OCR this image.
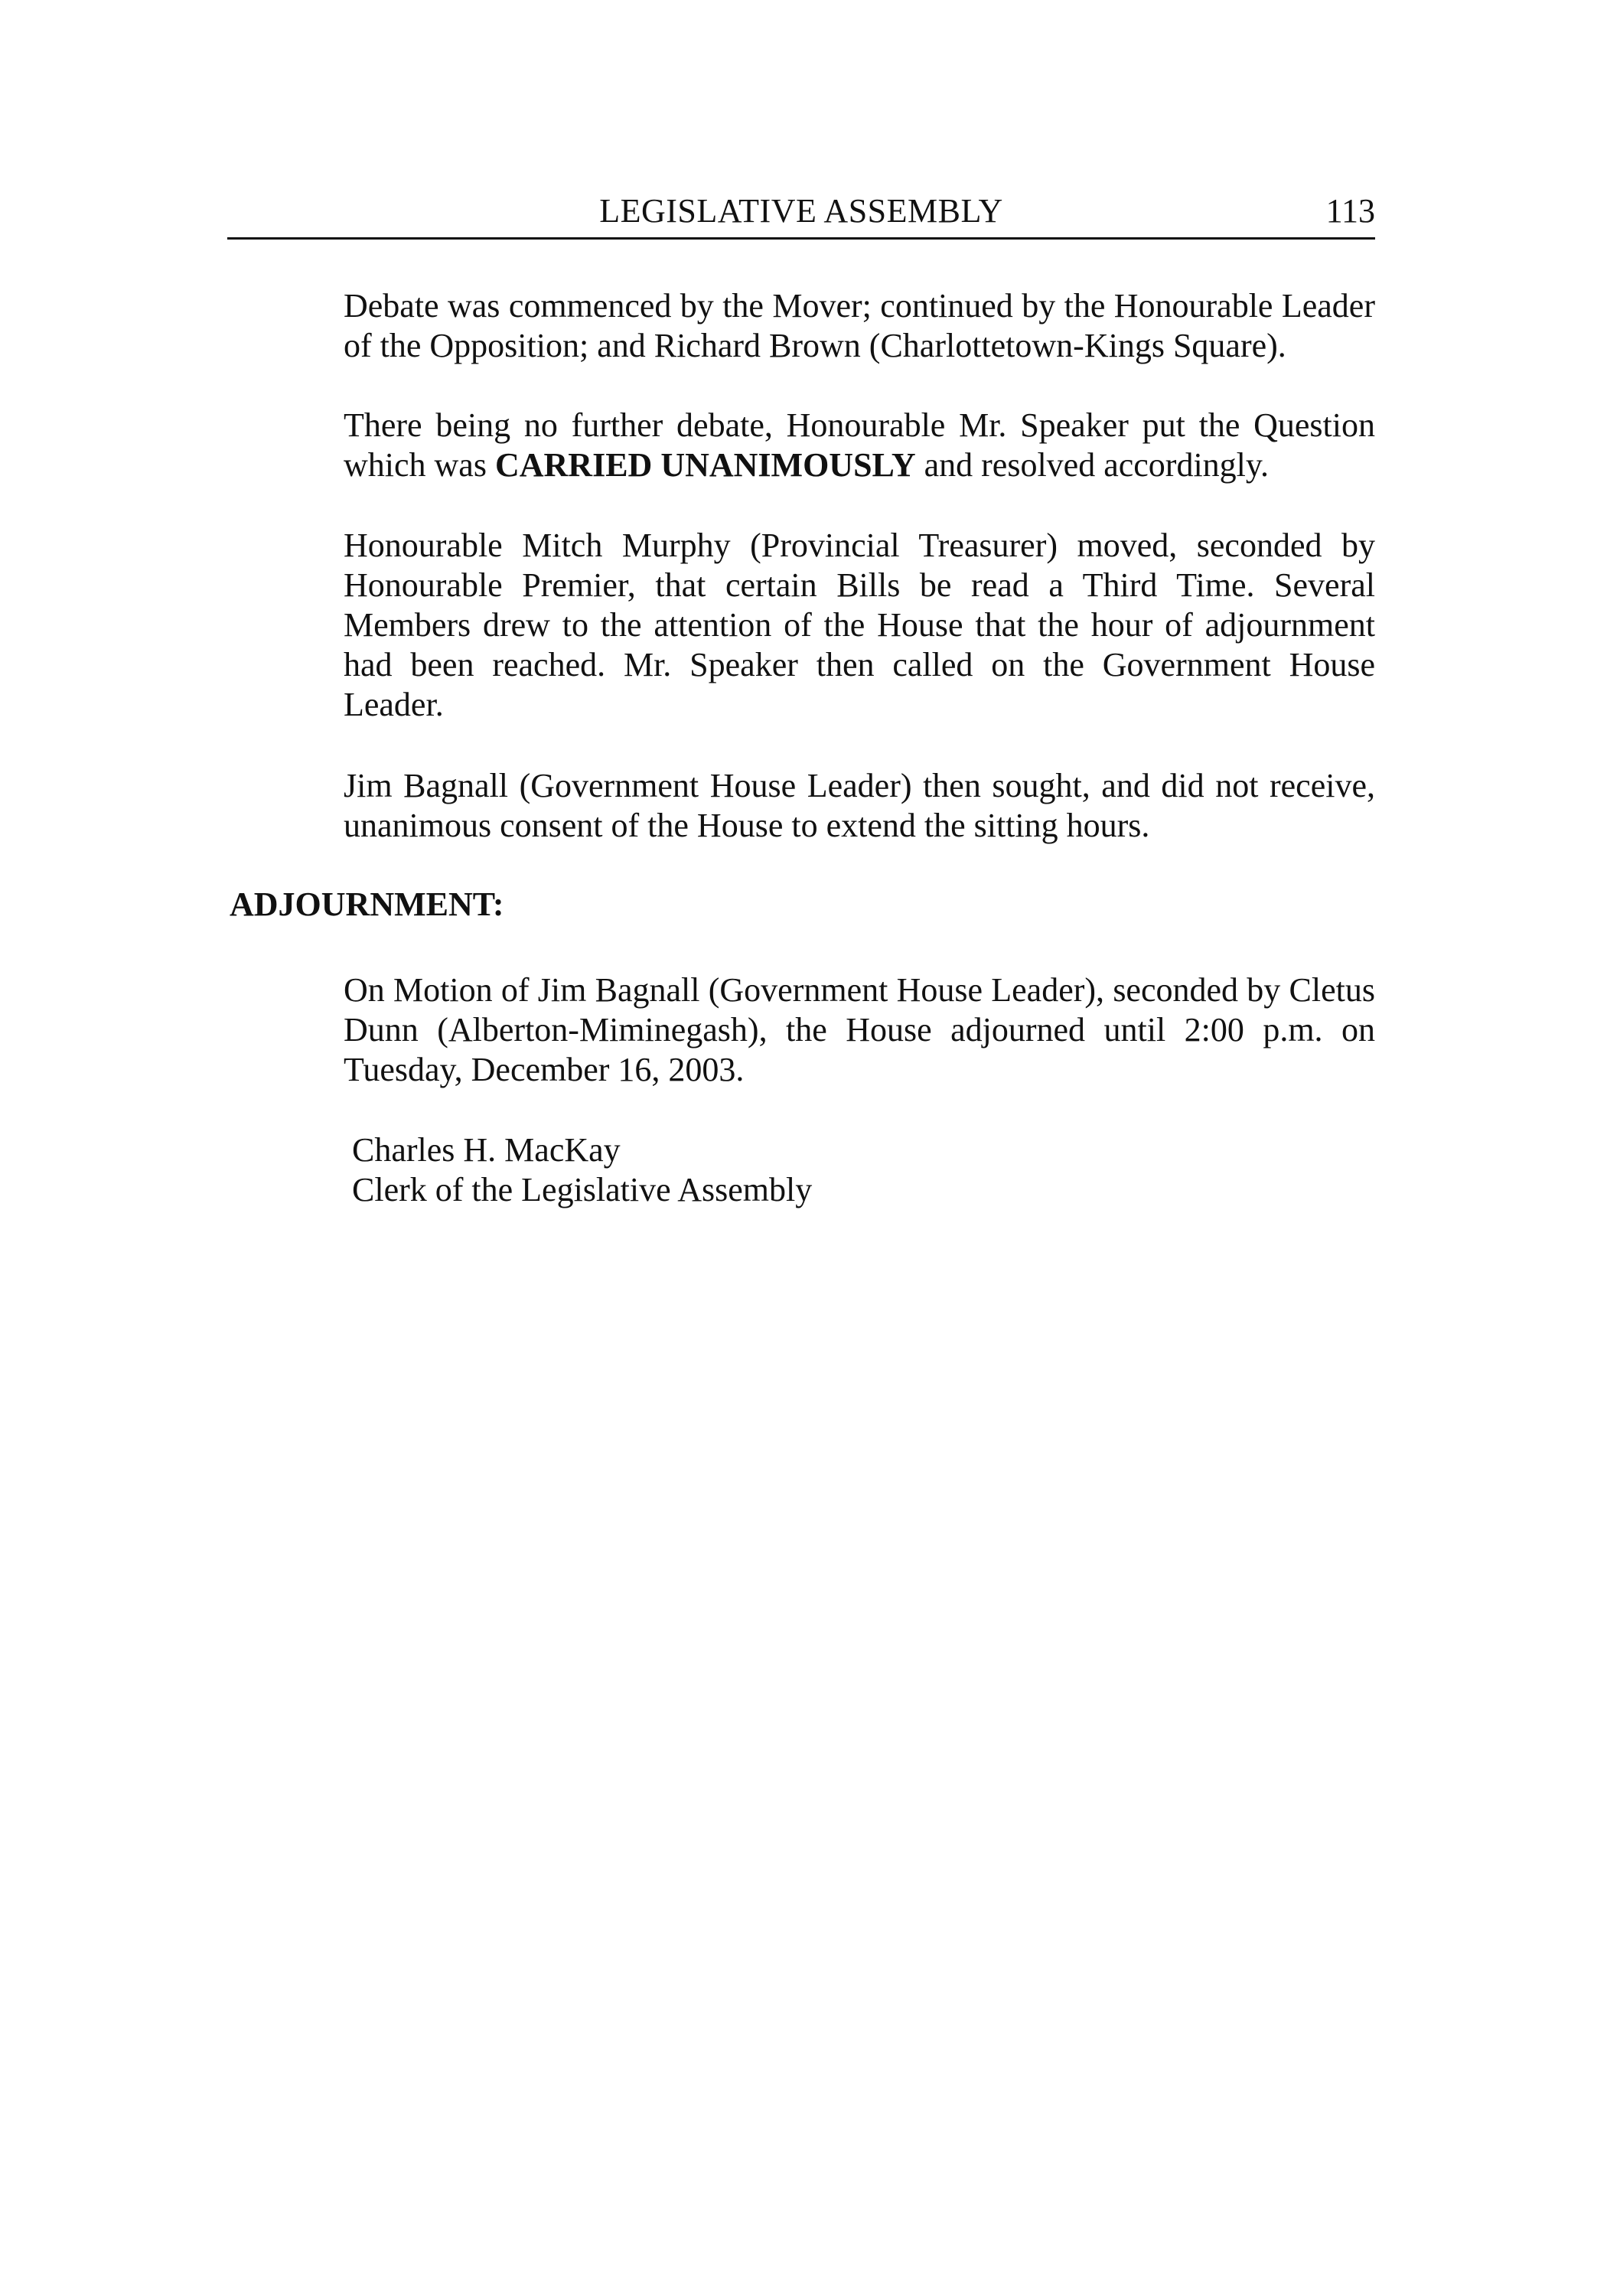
LEGISLATIVE ASSEMBLY	113

Debate was commenced by the Mover; continued by the Honourable Leader of the Opposition; and Richard Brown (Charlottetown-Kings Square).

There being no further debate, Honourable Mr. Speaker put the Question which was CARRIED UNANIMOUSLY and resolved accordingly.

Honourable Mitch Murphy (Provincial Treasurer) moved, seconded by Honourable Premier, that certain Bills be read a Third Time. Several Members drew to the attention of the House that the hour of adjournment had been reached. Mr. Speaker then called on the Government House Leader.

ADJOURNMENT:

Jim Bagnall (Government House Leader) then sought, and did not receive, unanimous consent of the House to extend the sitting hours.

On Motion of Jim Bagnall (Government House Leader), seconded by Cletus Dunn (Alberton-Miminegash), the House adjourned until 2:00 p.m. on Tuesday, December 16, 2003.

Charles H. MacKay
Clerk of the Legislative Assembly
